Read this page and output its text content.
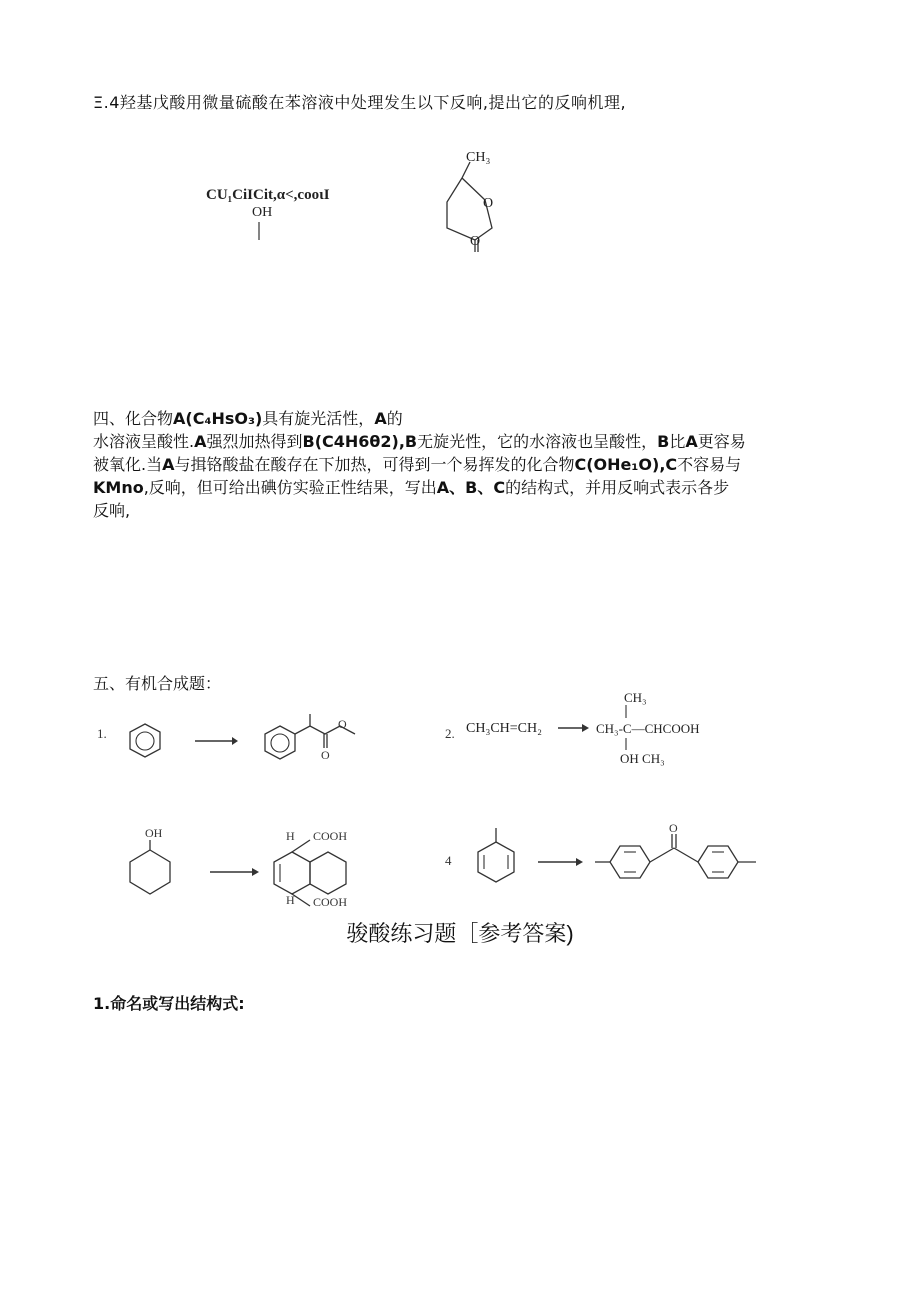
Ξ.4羟基戊酸用微量硫酸在苯溶液中处理发生以下反响,提出它的反响机理,
CU₁CiICit,α<,cooɩI
OH
CH₃
O
O
四、化合物A(C₄HsO₃)具有旋光活性，A的
水溶液呈酸性.A强烈加热得到B(C4H6θ2),B无旋光性，它的水溶液也呈酸性，B比A更容易
被氧化.当A与揖铬酸盐在酸存在下加热，可得到一个易挥发的化合物C(OHe₁O),C不容易与
KMno,反响，但可给出碘仿实验正性结果，写出A、B、C的结构式，并用反响式表示各步
反响,
五、有机合成题：
1.
O
O
2. CH₃CH=CH₂
CH₃
CH₃-C—CHCOOH
OH CH₃
OH	H COOH
H COOH
4
O
骏酸练习题［参考答案)
1.命名或写出结构式:
